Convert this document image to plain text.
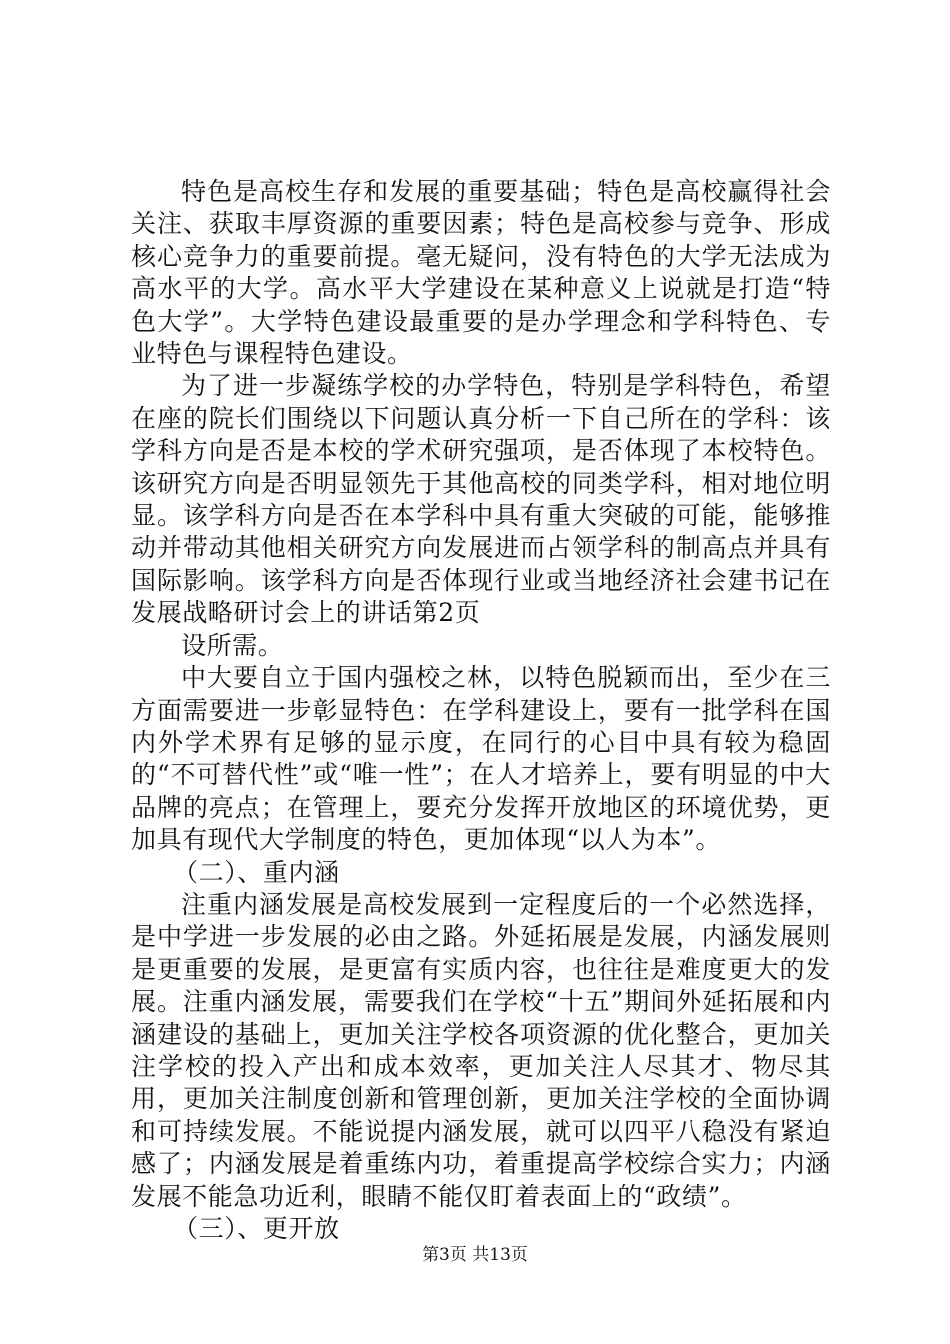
特色是高校生存和发展的重要基础；特色是高校赢得社会关注、获取丰厚资源的重要因素；特色是高校参与竞争、形成核心竞争力的重要前提。毫无疑问，没有特色的大学无法成为高水平的大学。高水平大学建设在某种意义上说就是打造“特色大学”。大学特色建设最重要的是办学理念和学科特色、专业特色与课程特色建设。

为了进一步凝练学校的办学特色，特别是学科特色，希望在座的院长们围绕以下问题认真分析一下自己所在的学科：该学科方向是否是本校的学术研究强项，是否体现了本校特色。该研究方向是否明显领先于其他高校的同类学科，相对地位明显。该学科方向是否在本学科中具有重大突破的可能，能够推动并带动其他相关研究方向发展进而占领学科的制高点并具有国际影响。该学科方向是否体现行业或当地经济社会建书记在发展战略研讨会上的讲话第2页

设所需。

中大要自立于国内强校之林，以特色脱颖而出，至少在三方面需要进一步彰显特色：在学科建设上，要有一批学科在国内外学术界有足够的显示度，在同行的心目中具有较为稳固的“不可替代性”或“唯一性”；在人才培养上，要有明显的中大品牌的亮点；在管理上，要充分发挥开放地区的环境优势，更加具有现代大学制度的特色，更加体现“以人为本”。

（二）、重内涵

注重内涵发展是高校发展到一定程度后的一个必然选择，是中学进一步发展的必由之路。外延拓展是发展，内涵发展则是更重要的发展，是更富有实质内容，也往往是难度更大的发展。注重内涵发展，需要我们在学校“十五”期间外延拓展和内涵建设的基础上，更加关注学校各项资源的优化整合，更加关注学校的投入产出和成本效率，更加关注人尽其才、物尽其用，更加关注制度创新和管理创新，更加关注学校的全面协调和可持续发展。不能说提内涵发展，就可以四平八稳没有紧迫感了；内涵发展是着重练内功，着重提高学校综合实力；内涵发展不能急功近利，眼睛不能仅盯着表面上的“政绩”。

（三）、更开放

第3页 共13页
